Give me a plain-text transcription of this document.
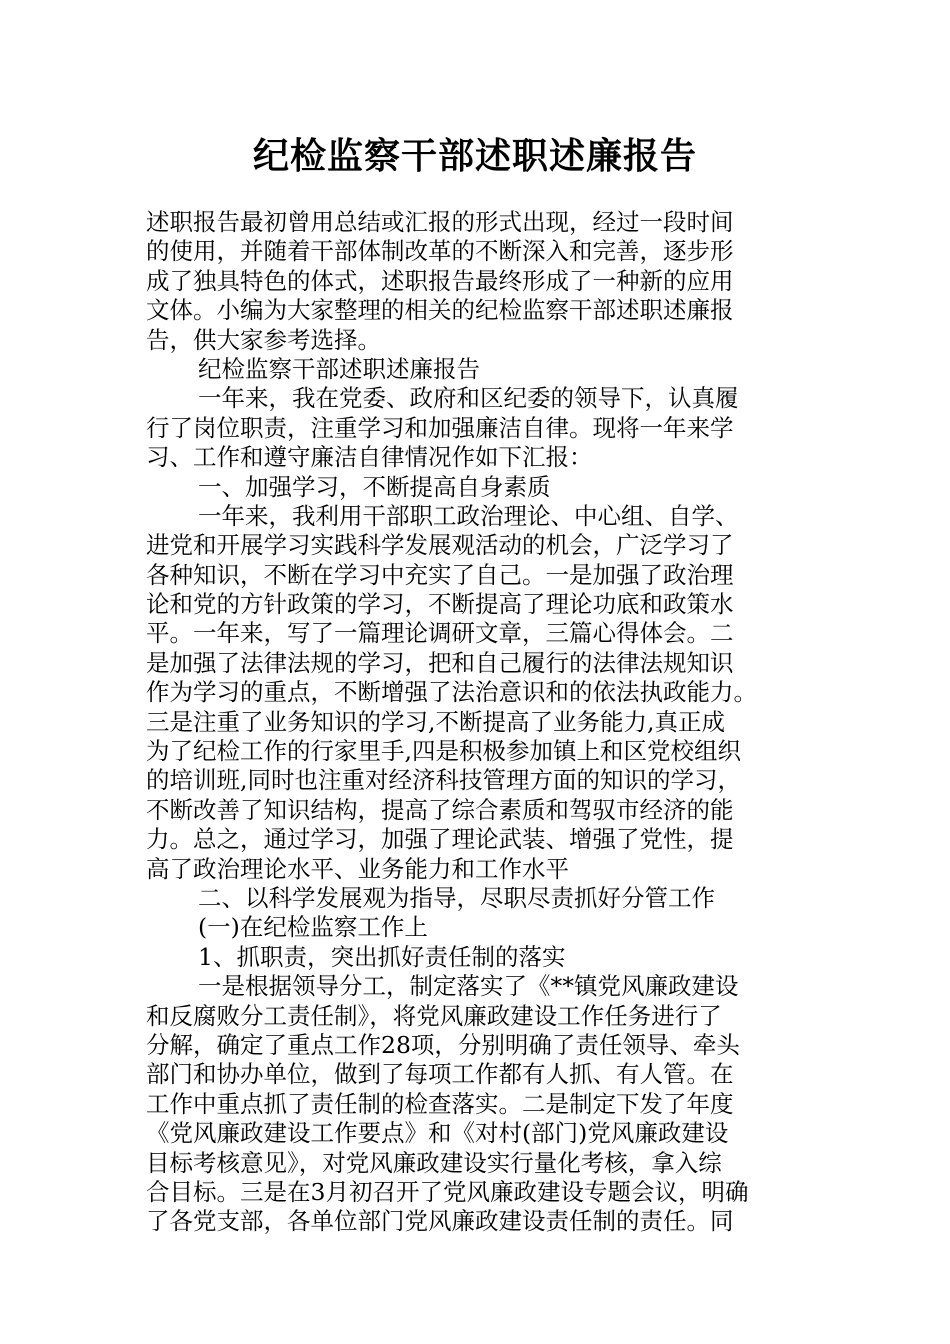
纪检监察干部述职述廉报告
述职报告最初曾用总结或汇报的形式出现，经过一段时间
的使用，并随着干部体制改革的不断深入和完善，逐步形
成了独具特色的体式，述职报告最终形成了一种新的应用
文体。小编为大家整理的相关的纪检监察干部述职述廉报
告，供大家参考选择。
纪检监察干部述职述廉报告
一年来，我在党委、政府和区纪委的领导下，认真履
行了岗位职责，注重学习和加强廉洁自律。现将一年来学
习、工作和遵守廉洁自律情况作如下汇报：
一、加强学习，不断提高自身素质
一年来，我利用干部职工政治理论、中心组、自学、
进党和开展学习实践科学发展观活动的机会，广泛学习了
各种知识，不断在学习中充实了自己。一是加强了政治理
论和党的方针政策的学习，不断提高了理论功底和政策水
平。一年来，写了一篇理论调研文章，三篇心得体会。二
是加强了法律法规的学习，把和自己履行的法律法规知识
作为学习的重点，不断增强了法治意识和的依法执政能力。
三是注重了业务知识的学习,不断提高了业务能力,真正成
为了纪检工作的行家里手,四是积极参加镇上和区党校组织
的培训班,同时也注重对经济科技管理方面的知识的学习，
不断改善了知识结构，提高了综合素质和驾驭市经济的能
力。总之，通过学习，加强了理论武装、增强了党性，提
高了政治理论水平、业务能力和工作水平
二、以科学发展观为指导，尽职尽责抓好分管工作
(一)在纪检监察工作上
1、抓职责，突出抓好责任制的落实
一是根据领导分工，制定落实了《**镇党风廉政建设
和反腐败分工责任制》，将党风廉政建设工作任务进行了
分解，确定了重点工作28项，分别明确了责任领导、牵头
部门和协办单位，做到了每项工作都有人抓、有人管。在
工作中重点抓了责任制的检查落实。二是制定下发了年度
《党风廉政建设工作要点》和《对村(部门)党风廉政建设
目标考核意见》，对党风廉政建设实行量化考核，拿入综
合目标。三是在3月初召开了党风廉政建设专题会议，明确
了各党支部，各单位部门党风廉政建设责任制的责任。同
